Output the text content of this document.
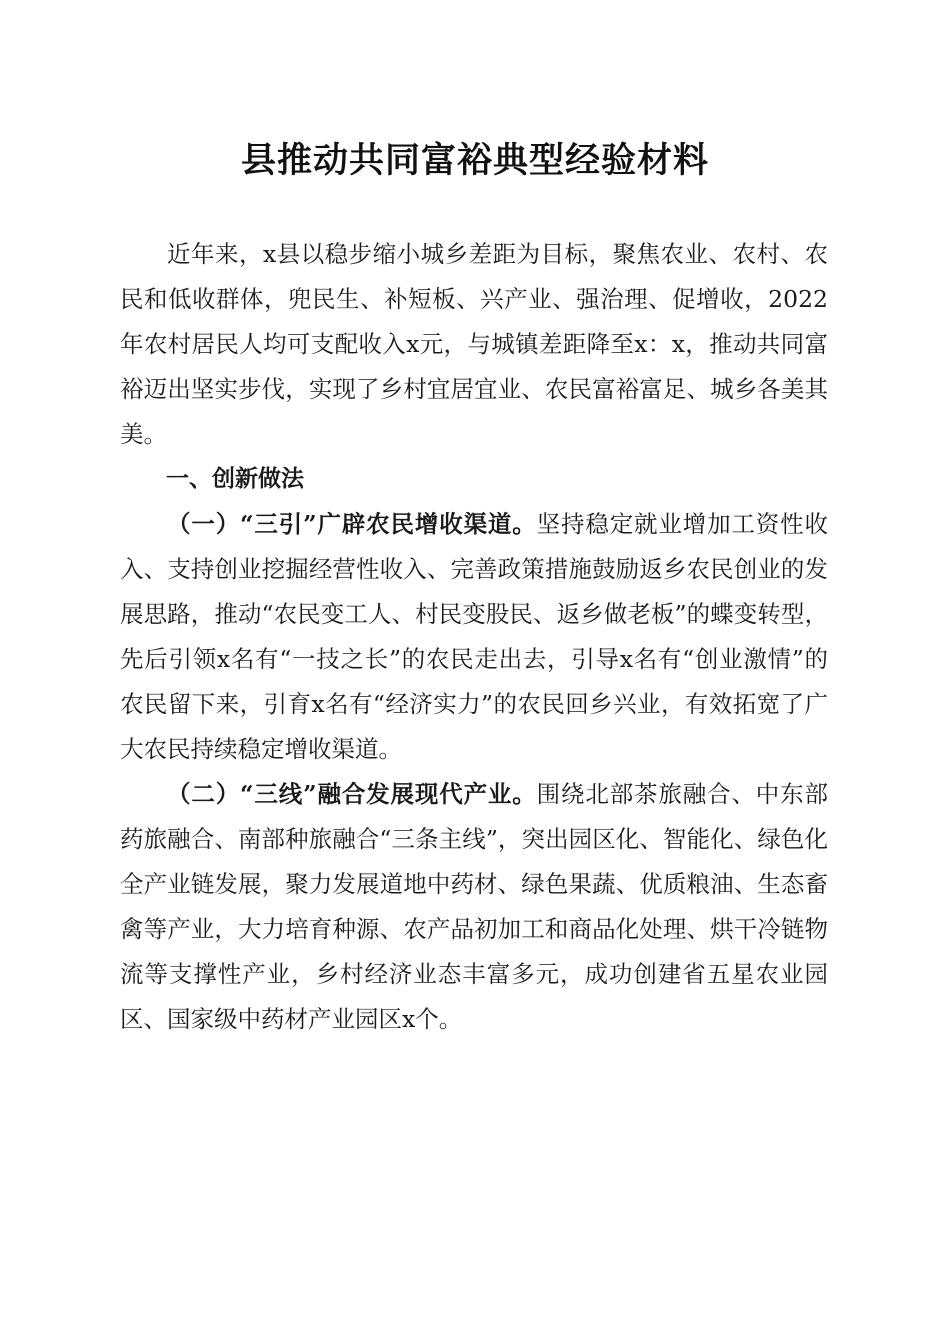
县推动共同富裕典型经验材料

近年来，x县以稳步缩小城乡差距为目标，聚焦农业、农村、农民和低收群体，兜民生、补短板、兴产业、强治理、促增收，2022年农村居民人均可支配收入x元，与城镇差距降至x：x，推动共同富裕迈出坚实步伐，实现了乡村宜居宜业、农民富裕富足、城乡各美其美。

一、创新做法

（一）“三引”广辟农民增收渠道。坚持稳定就业增加工资性收入、支持创业挖掘经营性收入、完善政策措施鼓励返乡农民创业的发展思路，推动“农民变工人、村民变股民、返乡做老板”的蝶变转型，先后引领x名有“一技之长”的农民走出去，引导x名有“创业激情”的农民留下来，引育x名有“经济实力”的农民回乡兴业，有效拓宽了广大农民持续稳定增收渠道。

（二）“三线”融合发展现代产业。围绕北部茶旅融合、中东部药旅融合、南部种旅融合“三条主线”，突出园区化、智能化、绿色化全产业链发展，聚力发展道地中药材、绿色果蔬、优质粮油、生态畜禽等产业，大力培育种源、农产品初加工和商品化处理、烘干冷链物流等支撑性产业，乡村经济业态丰富多元，成功创建省五星农业园区、国家级中药材产业园区x个。
